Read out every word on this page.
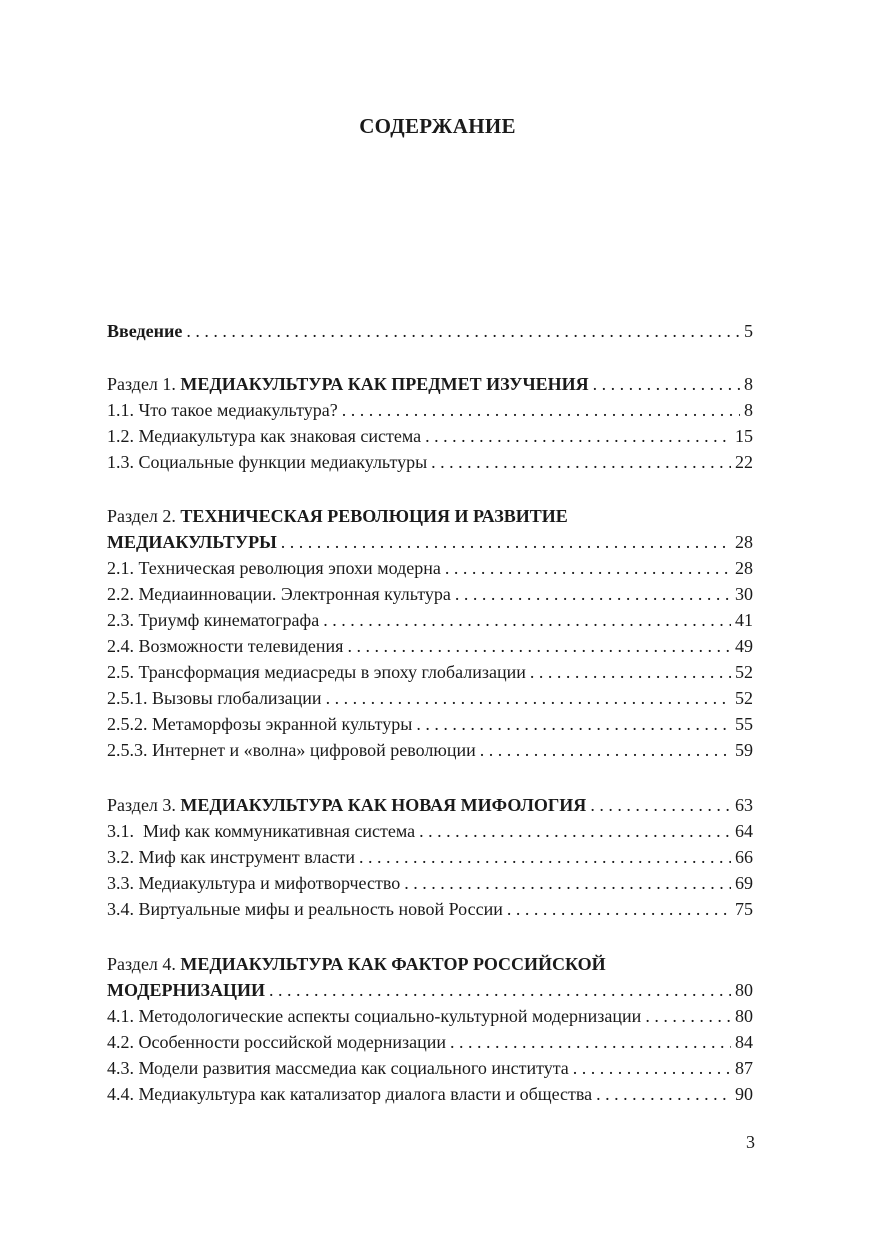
СОДЕРЖАНИЕ
Введение . . .	5
Раздел 1. МЕДИАКУЛЬТУРА КАК ПРЕДМЕТ ИЗУЧЕНИЯ . . .	8
1.1. Что такое медиакультура? . . .	8
1.2. Медиакультура как знаковая система . . .	15
1.3. Социальные функции медиакультуры . . .	22
Раздел 2. ТЕХНИЧЕСКАЯ РЕВОЛЮЦИЯ И РАЗВИТИЕ
МЕДИАКУЛЬТУРЫ . . .	28
2.1. Техническая революция эпохи модерна . . .	28
2.2. Медиаинновации. Электронная культура . . .	30
2.3. Триумф кинематографа . . .	41
2.4. Возможности телевидения . . .	49
2.5. Трансформация медиасреды в эпоху глобализации . . .	52
2.5.1. Вызовы глобализации . . .	52
2.5.2. Метаморфозы экранной культуры . . .	55
2.5.3. Интернет и «волна» цифровой революции . . .	59
Раздел 3. МЕДИАКУЛЬТУРА КАК НОВАЯ МИФОЛОГИЯ . . .	63
3.1.  Миф как коммуникативная система . . .	64
3.2. Миф как инструмент власти . . .	66
3.3. Медиакультура и мифотворчество . . .	69
3.4. Виртуальные мифы и реальность новой России . . .	75
Раздел 4. МЕДИАКУЛЬТУРА КАК ФАКТОР РОССИЙСКОЙ
МОДЕРНИЗАЦИИ . . .	80
4.1. Методологические аспекты социально-культурной модернизации . . .	80
4.2. Особенности российской модернизации . . .	84
4.3. Модели развития массмедиа как социального института . . .	87
4.4. Медиакультура как катализатор диалога власти и общества . . .	90
3
